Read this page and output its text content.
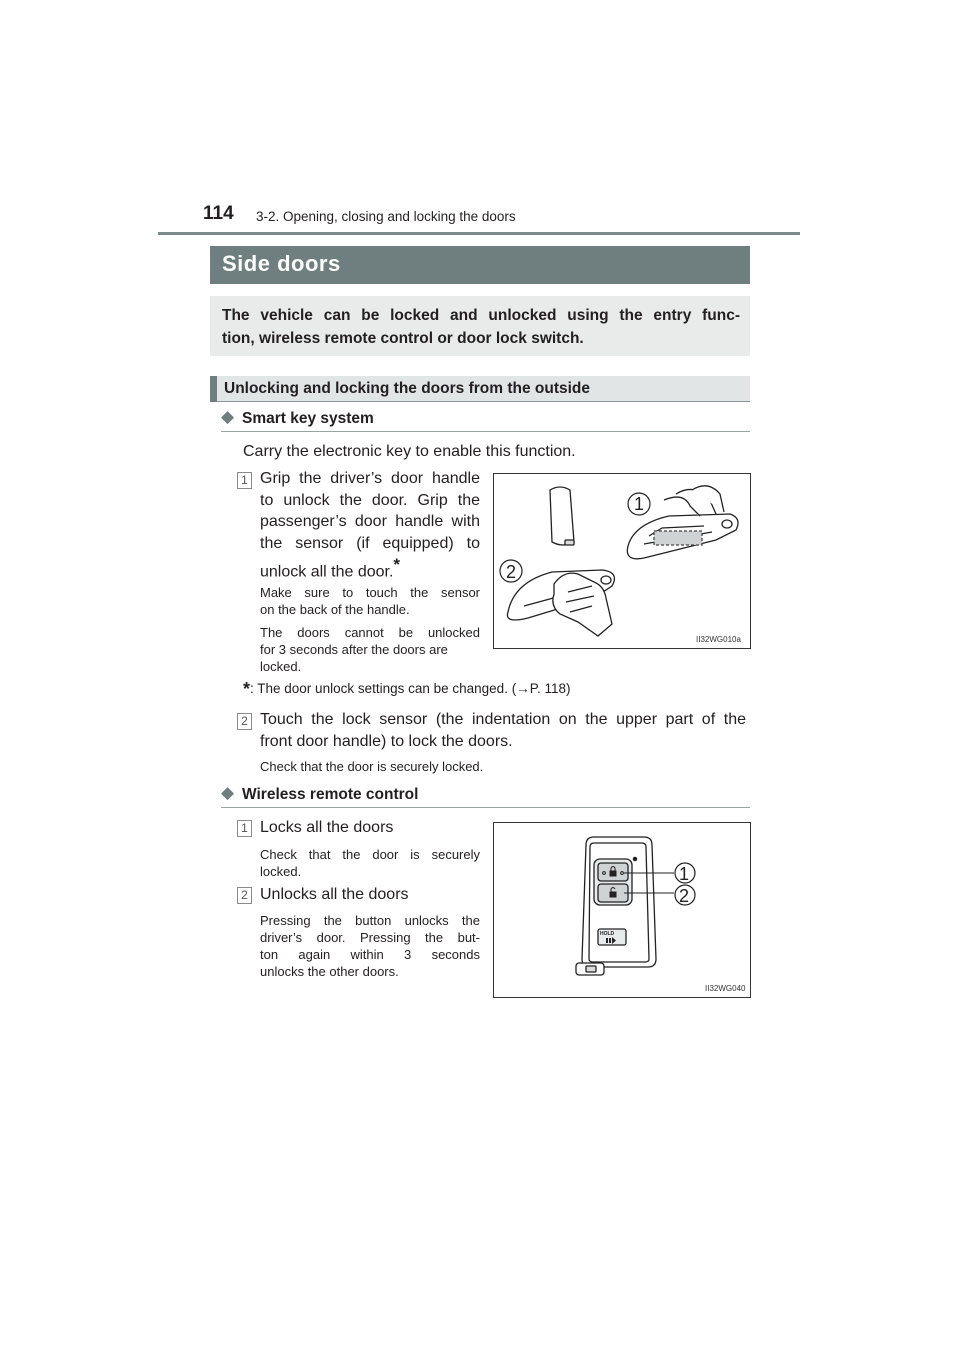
114 3-2. Opening, closing and locking the doors
Side doors
The vehicle can be locked and unlocked using the entry func-
tion, wireless remote control or door lock switch.
Unlocking and locking the doors from the outside
◆ Smart key system
Carry the electronic key to enable this function.
1 Grip the driver’s door handle
to unlock the door. Grip the
passenger’s door handle with
the sensor (if equipped) to
unlock all the door.*
Make sure to touch the sensor
on the back of the handle.
The doors cannot be unlocked
for 3 seconds after the doors are
locked.
1
2
II32WG010a
*: The door unlock settings can be changed. (→P. 118)
2 Touch the lock sensor (the indentation on the upper part of the
front door handle) to lock the doors.
Check that the door is securely locked.
◆ Wireless remote control
1 Locks all the doors
Check that the door is securely
locked.
2 Unlocks all the doors
Pressing the button unlocks the
driver’s door. Pressing the but-
ton again within 3 seconds
unlocks the other doors.
HOLD
1
2
II32WG040
